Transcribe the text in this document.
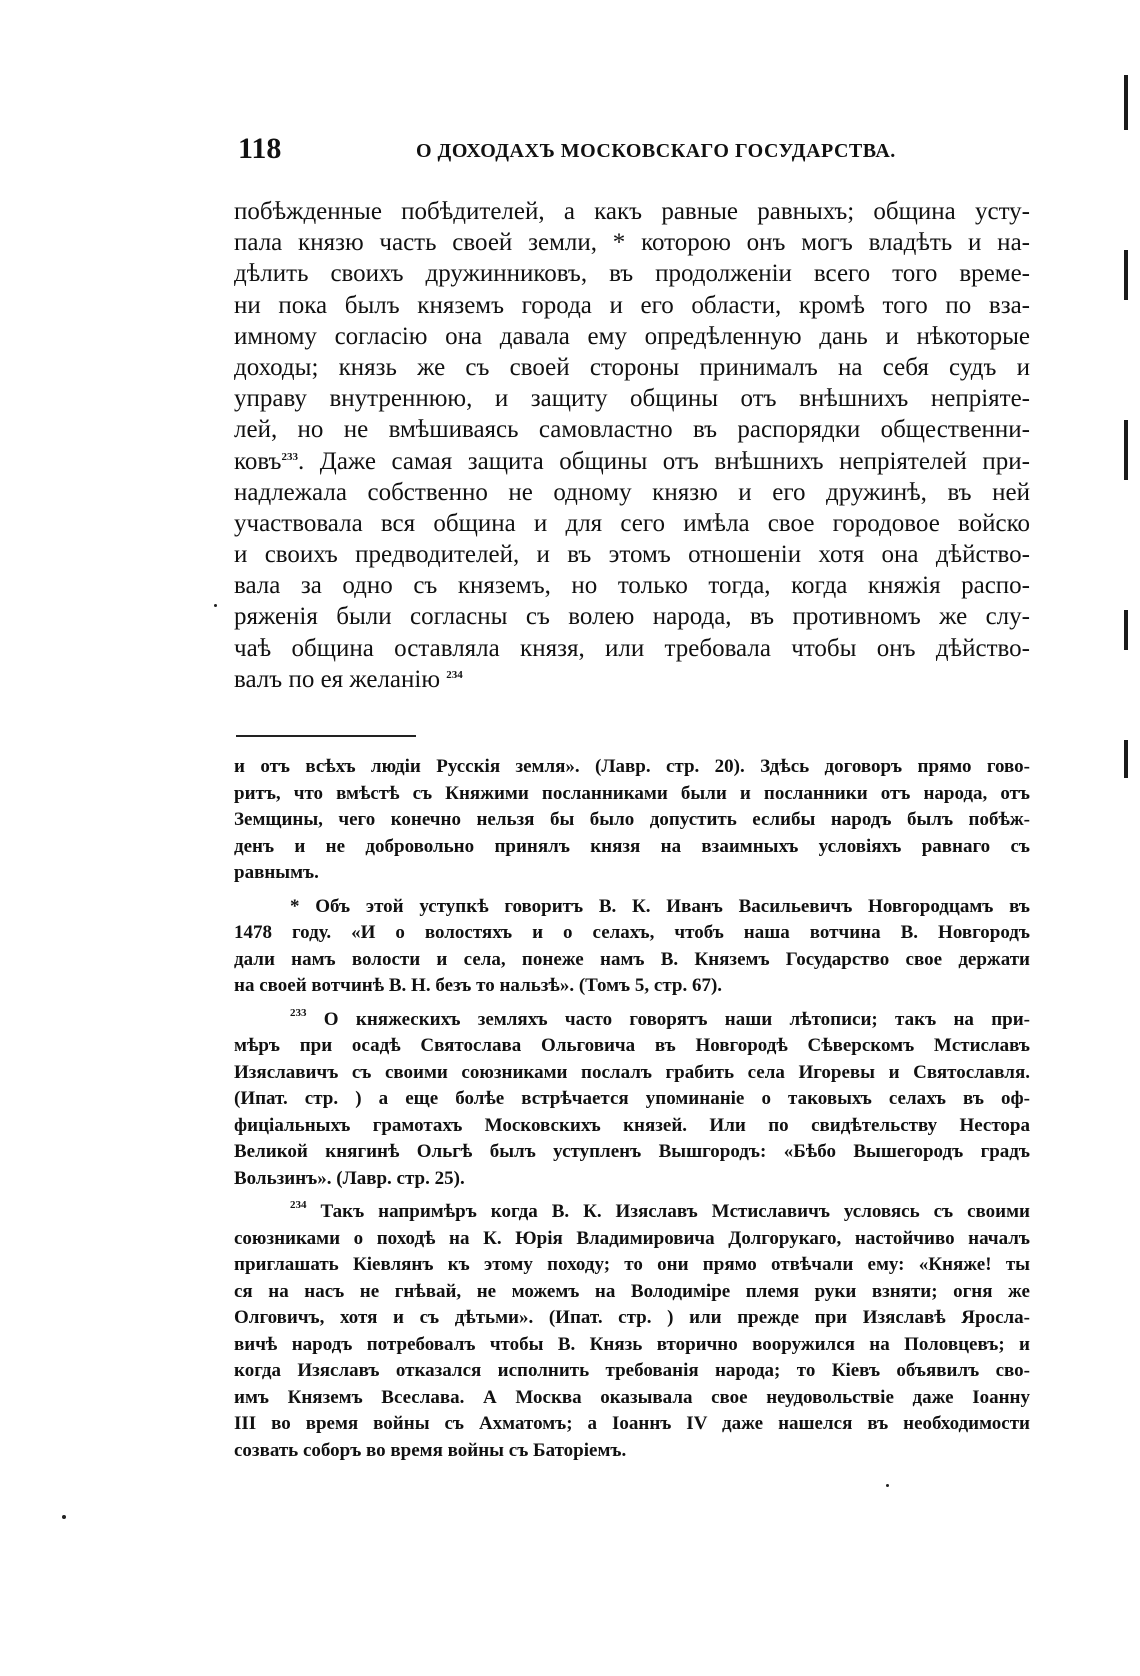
118	О ДОХОДАХЪ МОСКОВСКАГО ГОСУДАРСТВА.
побѣжденные побѣдителей, а какъ равные равныхъ; община усту-
пала князю часть своей земли, * которою онъ могъ владѣть и на-
дѣлить своихъ дружинниковъ, въ продолженіи всего того време-
ни пока былъ княземъ города и его области, кромѣ того по вза-
имному согласію она давала ему опредѣленную дань и нѣкоторые
доходы; князь же съ своей стороны принималъ на себя судъ и
управу внутреннюю, и защиту общины отъ внѣшнихъ непріяте-
лей, но не вмѣшиваясь самовластно въ распорядки общественни-
ковъ$^{233}$. Даже самая защита общины отъ внѣшнихъ непріятелей при-
надлежала собственно не одному князю и его дружинѣ, въ ней
участвовала вся община и для сего имѣла свое городовое войско
и своихъ предводителей, и въ этомъ отношеніи хотя она дѣйство-
вала за одно съ княземъ, но только тогда, когда княжія распо-
ряженія были согласны съ волею народа, въ противномъ же слу-
чаѣ община оставляла князя, или требовала чтобы онъ дѣйство-
валъ по ея желанію $^{234}$
и отъ всѣхъ людіи Русскія земля». (Лавр. стр. 20). Здѣсь договоръ прямо гово-
ритъ, что вмѣстѣ съ Княжими посланниками были и посланники отъ народа, отъ
Земщины, чего конечно нельзя бы было допустить еслибы народъ былъ побѣж-
денъ и не добровольно принялъ князя на взаимныхъ условіяхъ равнаго съ
равнымъ.
* Объ этой уступкѣ говоритъ В. К. Иванъ Васильевичъ Новгородцамъ въ
1478 году. «И о волостяхъ и о селахъ, чтобъ наша вотчина В. Новгородъ
дали намъ волости и села, понеже намъ В. Княземъ Государство свое держати
на своей вотчинѣ В. Н. безъ то нальзѣ». (Томъ 5, стр. 67).
$^{233}$ О княжескихъ земляхъ часто говорятъ наши лѣтописи; такъ на при-
мѣръ при осадѣ Святослава Ольговича въ Новгородѣ Сѣверскомъ Мстиславъ
Изяславичъ съ своими союзниками послалъ грабить села Игоревы и Святославля.
(Ипат. стр. ) а еще болѣе встрѣчается упоминаніе о таковыхъ селахъ въ оф-
фиціальныхъ грамотахъ Московскихъ князей. Или по свидѣтельству Нестора
Великой княгинѣ Ольгѣ былъ уступленъ Вышгородъ: «Бѣбо Вышегородъ градъ
Вользинъ». (Лавр. стр. 25).
$^{234}$ Такъ напримѣръ когда В. К. Изяславъ Мстиславичъ условясь съ своими
союзниками о походѣ на К. Юрія Владимировича Долгорукаго, настойчиво началъ
приглашать Кіевлянъ къ этому походу; то они прямо отвѣчали ему: «Княже! ты
ся на насъ не гнѣвай, не можемъ на Володиміре племя руки взняти; огня же
Олговичъ, хотя и съ дѣтьми». (Ипат. стр. ) или прежде при Изяславѣ Яросла-
вичѣ народъ потребовалъ чтобы В. Князь вторично вооружился на Половцевъ; и
когда Изяславъ отказался исполнить требованія народа; то Кіевъ объявилъ сво-
имъ Княземъ Всеслава. А Москва оказывала свое неудовольствіе даже Іоанну
III во время войны съ Ахматомъ; а Іоаннъ IV даже нашелся въ необходимости
созвать соборъ во время войны съ Баторіемъ.
